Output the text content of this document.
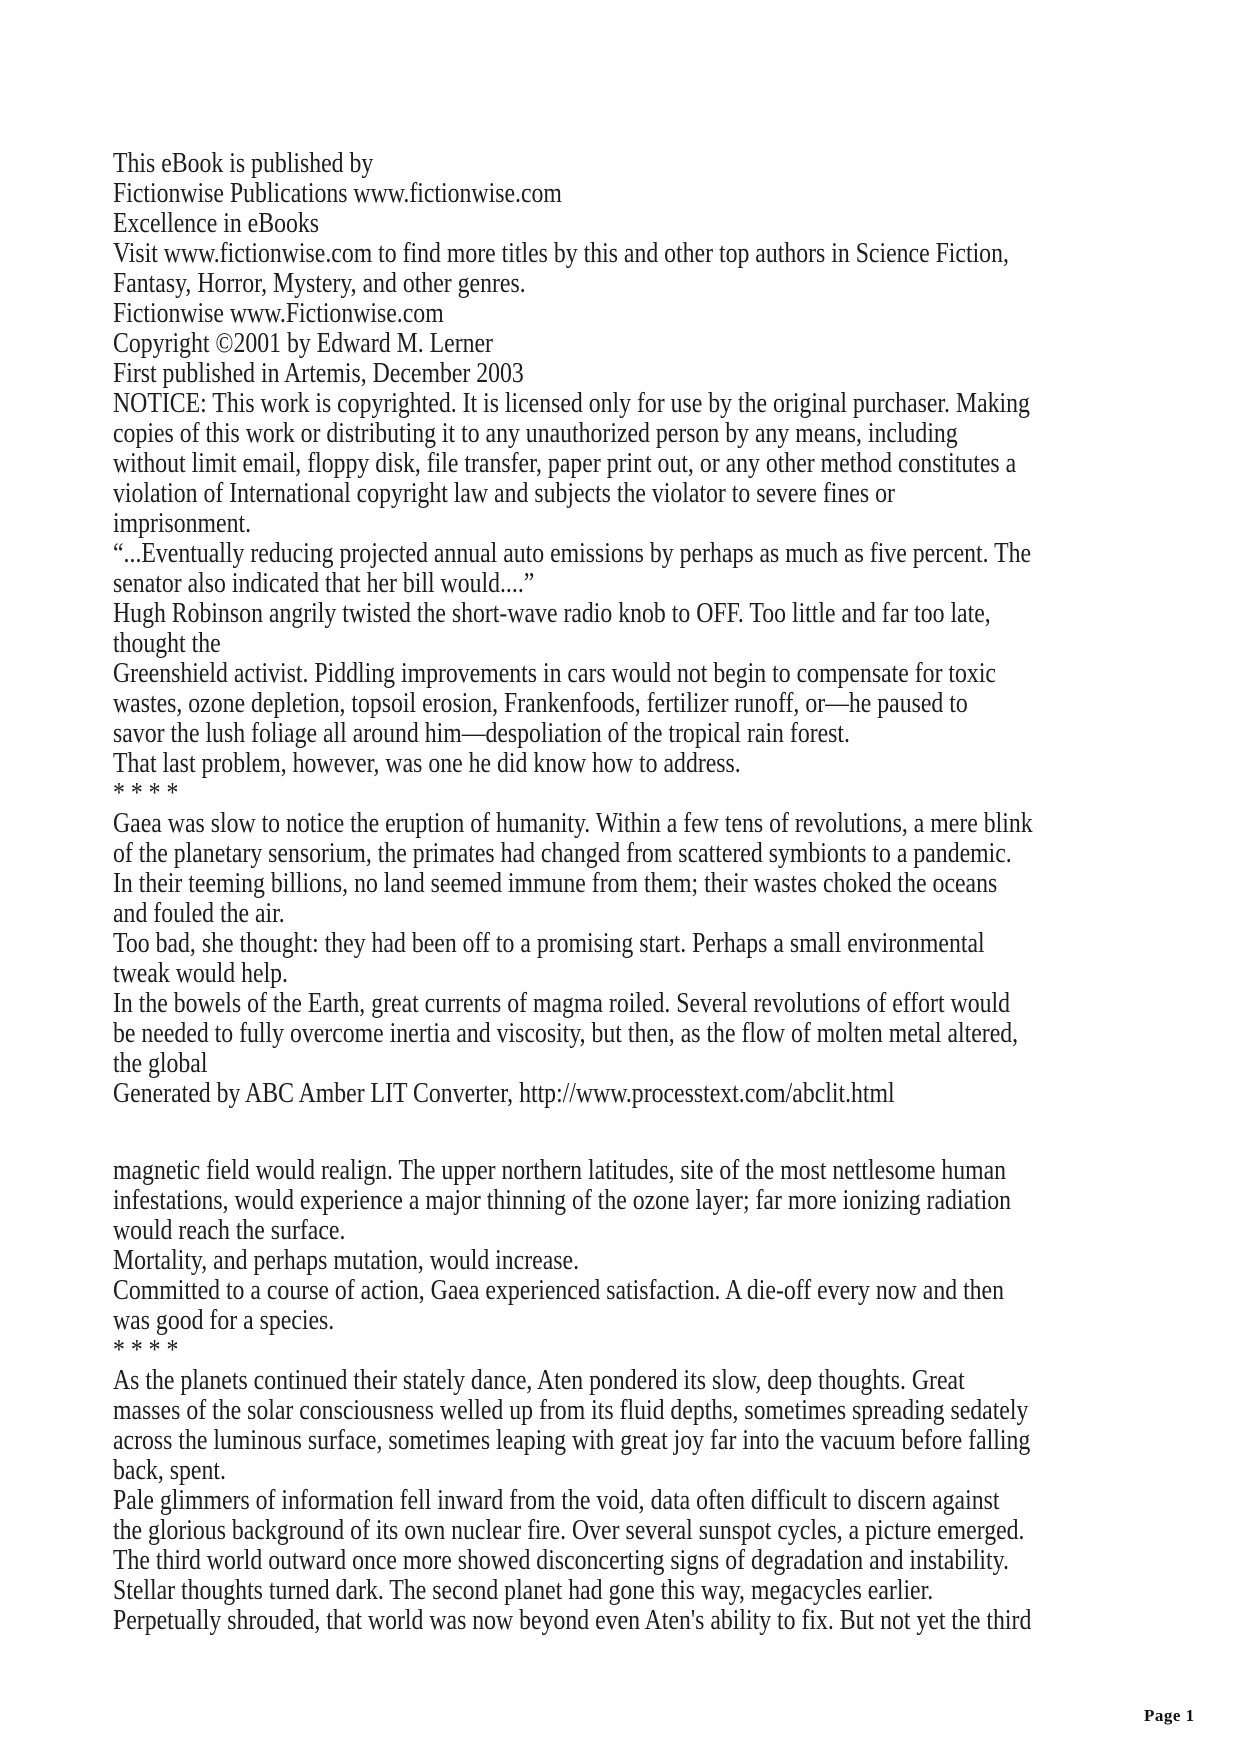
This eBook is published by
Fictionwise Publications www.fictionwise.com
Excellence in eBooks
Visit www.fictionwise.com to find more titles by this and other top authors in Science Fiction,
Fantasy, Horror, Mystery, and other genres.
Fictionwise www.Fictionwise.com
Copyright ©2001 by Edward M. Lerner
First published in Artemis, December 2003
NOTICE: This work is copyrighted. It is licensed only for use by the original purchaser. Making
copies of this work or distributing it to any unauthorized person by any means, including
without limit email, floppy disk, file transfer, paper print out, or any other method constitutes a
violation of International copyright law and subjects the violator to severe fines or
imprisonment.
“...Eventually reducing projected annual auto emissions by perhaps as much as five percent. The
senator also indicated that her bill would....”
Hugh Robinson angrily twisted the short-wave radio knob to OFF. Too little and far too late,
thought the
Greenshield activist. Piddling improvements in cars would not begin to compensate for toxic
wastes, ozone depletion, topsoil erosion, Frankenfoods, fertilizer runoff, or—he paused to
savor the lush foliage all around him—despoliation of the tropical rain forest.
That last problem, however, was one he did know how to address.
* * * *
Gaea was slow to notice the eruption of humanity. Within a few tens of revolutions, a mere blink
of the planetary sensorium, the primates had changed from scattered symbionts to a pandemic.
In their teeming billions, no land seemed immune from them; their wastes choked the oceans
and fouled the air.
Too bad, she thought: they had been off to a promising start. Perhaps a small environmental
tweak would help.
In the bowels of the Earth, great currents of magma roiled. Several revolutions of effort would
be needed to fully overcome inertia and viscosity, but then, as the flow of molten metal altered,
the global
Generated by ABC Amber LIT Converter, http://www.processtext.com/abclit.html
magnetic field would realign. The upper northern latitudes, site of the most nettlesome human
infestations, would experience a major thinning of the ozone layer; far more ionizing radiation
would reach the surface.
Mortality, and perhaps mutation, would increase.
Committed to a course of action, Gaea experienced satisfaction. A die-off every now and then
was good for a species.
* * * *
As the planets continued their stately dance, Aten pondered its slow, deep thoughts. Great
masses of the solar consciousness welled up from its fluid depths, sometimes spreading sedately
across the luminous surface, sometimes leaping with great joy far into the vacuum before falling
back, spent.
Pale glimmers of information fell inward from the void, data often difficult to discern against
the glorious background of its own nuclear fire. Over several sunspot cycles, a picture emerged.
The third world outward once more showed disconcerting signs of degradation and instability.
Stellar thoughts turned dark. The second planet had gone this way, megacycles earlier.
Perpetually shrouded, that world was now beyond even Aten's ability to fix. But not yet the third
Page 1
